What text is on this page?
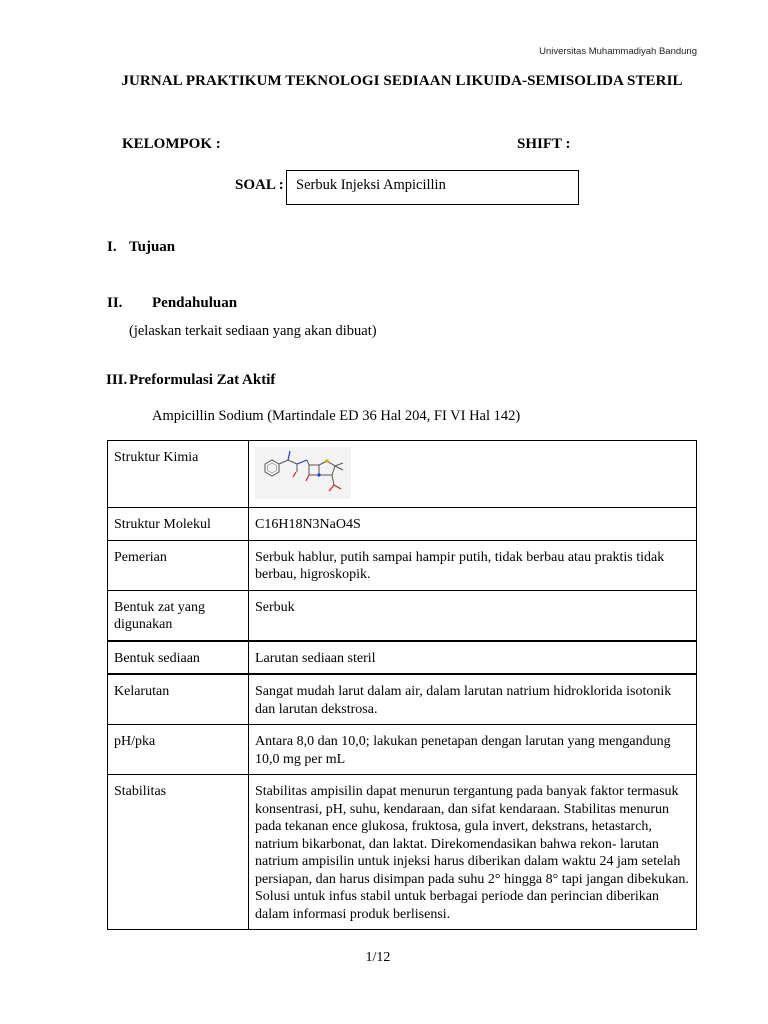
Universitas Muhammadiyah Bandung
JURNAL PRAKTIKUM TEKNOLOGI SEDIAAN LIKUIDA-SEMISOLIDA STERIL
KELOMPOK :	SHIFT :
SOAL : Serbuk Injeksi Ampicillin
I. Tujuan
II. Pendahuluan
(jelaskan terkait sediaan yang akan dibuat)
III. Preformulasi Zat Aktif
Ampicillin Sodium (Martindale ED 36 Hal 204, FI VI Hal 142)
Struktur Kimia	

Struktur Molekul	C16H18N3NaO4S
Pemerian	Serbuk hablur, putih sampai hampir putih, tidak berbau atau praktis tidak berbau, higroskopik.
Bentuk zat yang digunakan	Serbuk
Bentuk sediaan	Larutan sediaan steril
Kelarutan	Sangat mudah larut dalam air, dalam larutan natrium hidroklorida isotonik dan larutan dekstrosa.
pH/pka	Antara 8,0 dan 10,0; lakukan penetapan dengan larutan yang mengandung 10,0 mg per mL
Stabilitas	Stabilitas ampisilin dapat menurun tergantung pada banyak faktor termasuk konsentrasi, pH, suhu, kendaraan, dan sifat kendaraan. Stabilitas menurun pada tekanan ence glukosa, fruktosa, gula invert, dekstrans, hetastarch, natrium bikarbonat, dan laktat. Direkomendasikan bahwa rekon- larutan natrium ampisilin untuk injeksi harus diberikan dalam waktu 24 jam setelah persiapan, dan harus disimpan pada suhu 2° hingga 8° tapi jangan dibekukan. Solusi untuk infus stabil untuk berbagai periode dan perincian diberikan dalam informasi produk berlisensi.
1/12
